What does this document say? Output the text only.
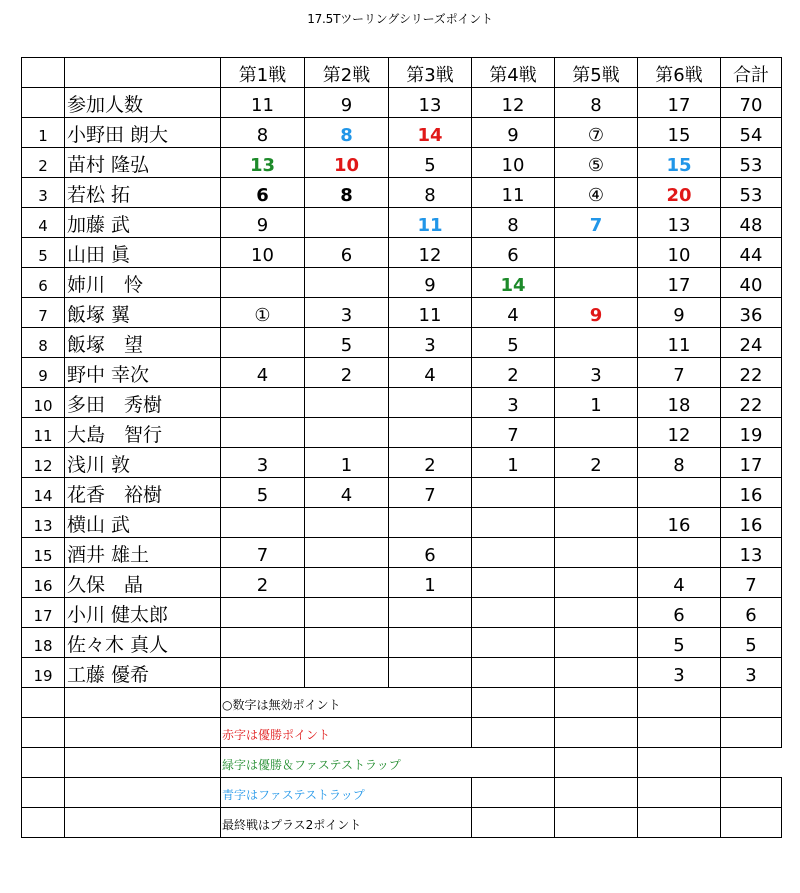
17.5Tツーリングシリーズポイント
		第1戦	第2戦	第3戦	第4戦	第5戦	第6戦	合計
	参加人数	11	9	13	12	8	17	70
1	小野田 朗大	8	8	14	9	⑦	15	54
2	苗村 隆弘	13	10	5	10	⑤	15	53
3	若松 拓	6	8	8	11	④	20	53
4	加藤 武	9		11	8	7	13	48
5	山田 眞	10	6	12	6		10	44
6	姉川　怜			9	14		17	40
7	飯塚 翼	①	3	11	4	9	9	36
8	飯塚　望		5	3	5		11	24
9	野中 幸次	4	2	4	2	3	7	22
10	多田　秀樹				3	1	18	22
11	大島　智行				7		12	19
12	浅川 敦	3	1	2	1	2	8	17
14	花香　裕樹	5	4	7				16
13	横山 武						16	16
15	酒井 雄土	7		6				13
16	久保　晶	2		1			4	7
17	小川 健太郎						6	6
18	佐々木 真人						5	5
19	工藤 優希						3	3
		○数字は無効ポイント						
		赤字は優勝ポイント						
		緑字は優勝＆ファステストラップ						
		青字はファステストラップ						
		最終戦はプラス2ポイント						
